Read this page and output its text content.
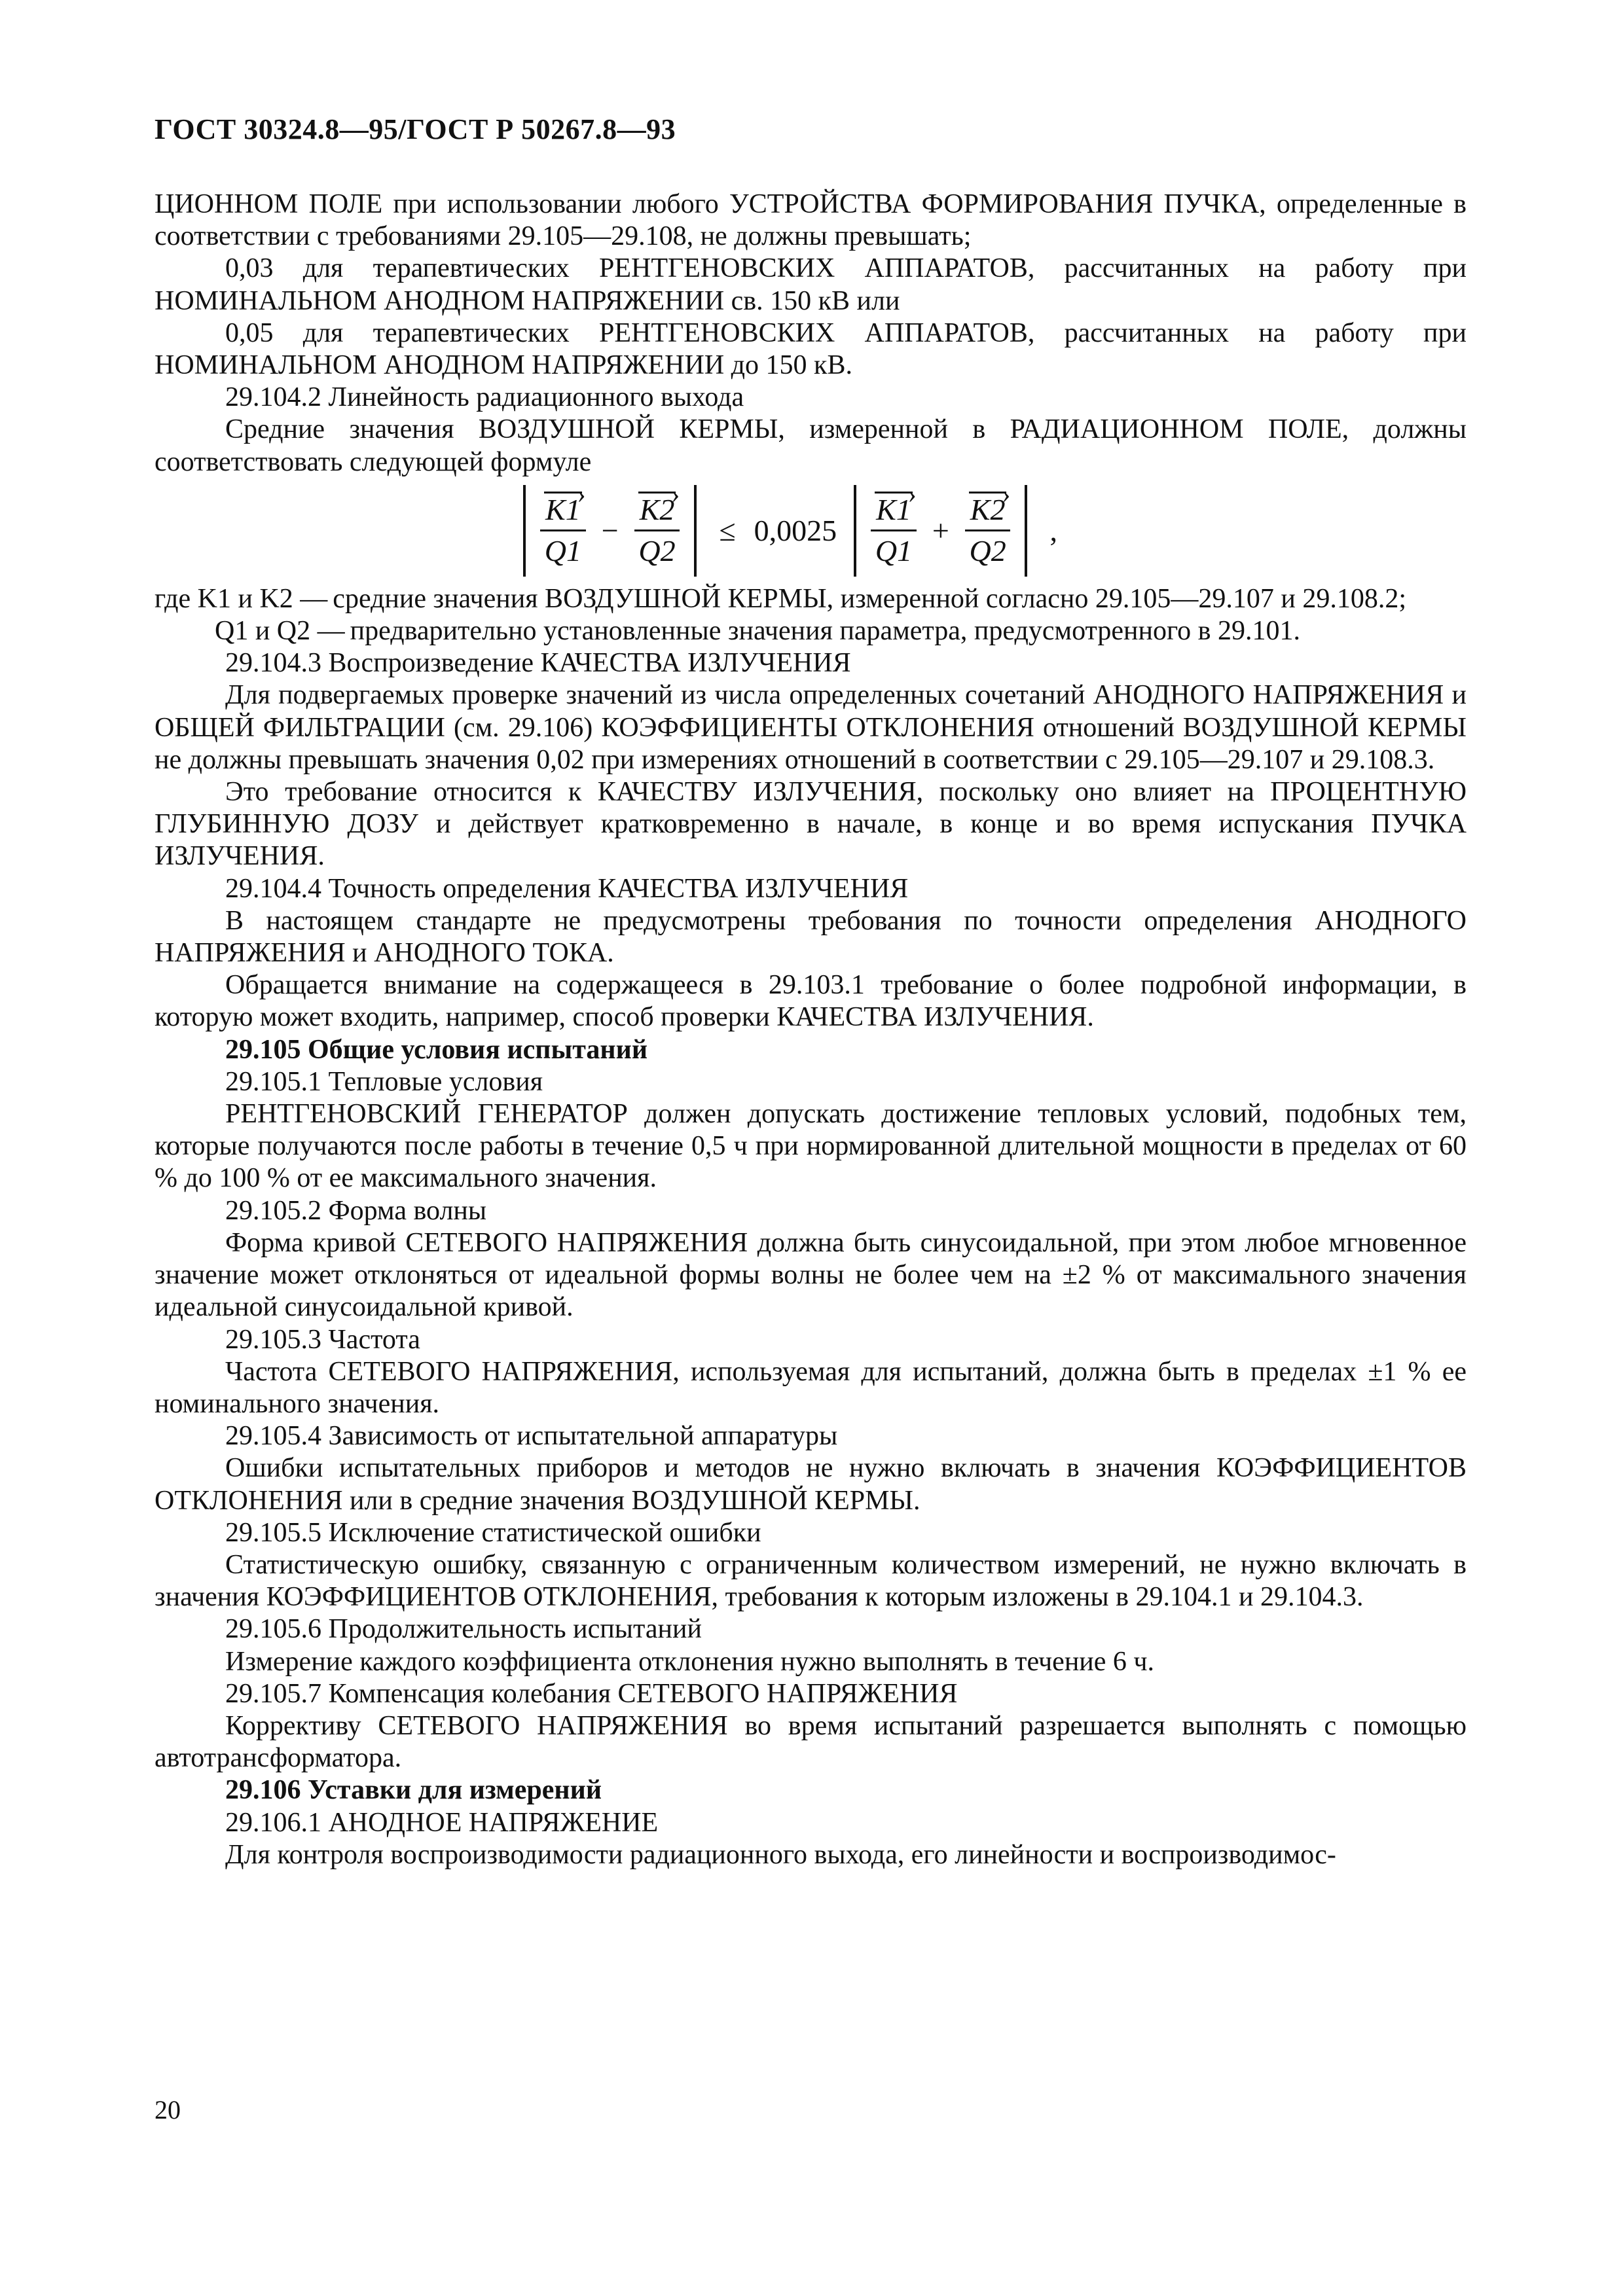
ГОСТ 30324.8—95/ГОСТ Р 50267.8—93

ЦИОННОМ ПОЛЕ при использовании любого УСТРОЙСТВА ФОРМИРОВАНИЯ ПУЧКА, определенные в соответствии с требованиями 29.105—29.108, не должны превышать;

0,03 для терапевтических РЕНТГЕНОВСКИХ АППАРАТОВ, рассчитанных на работу при НОМИНАЛЬНОМ АНОДНОМ НАПРЯЖЕНИИ св. 150 кВ или

0,05 для терапевтических РЕНТГЕНОВСКИХ АППАРАТОВ, рассчитанных на работу при НОМИНАЛЬНОМ АНОДНОМ НАПРЯЖЕНИИ до 150 кВ.

29.104.2 Линейность радиационного выхода

Средние значения ВОЗДУШНОЙ КЕРМЫ, измеренной в РАДИАЦИОННОМ ПОЛЕ, должны соответствовать следующей формуле

$\frac{K1 ›}{Q1} - \frac{K2 ›}{Q2} \le 0,0025 \frac{K1 ›}{Q1} + \frac{K2 ›}{Q2}$ ,
где K1 и K2 — средние значения ВОЗДУШНОЙ КЕРМЫ, измеренной согласно 29.105—29.107 и 29.108.2;
Q1 и Q2 — предварительно установленные значения параметра, предусмотренного в 29.101.

29.104.3 Воспроизведение КАЧЕСТВА ИЗЛУЧЕНИЯ

Для подвергаемых проверке значений из числа определенных сочетаний АНОДНОГО НАПРЯЖЕНИЯ и ОБЩЕЙ ФИЛЬТРАЦИИ (см. 29.106) КОЭФФИЦИЕНТЫ ОТКЛОНЕНИЯ отношений ВОЗДУШНОЙ КЕРМЫ не должны превышать значения 0,02 при измерениях отношений в соответствии с 29.105—29.107 и 29.108.3.

Это требование относится к КАЧЕСТВУ ИЗЛУЧЕНИЯ, поскольку оно влияет на ПРОЦЕНТНУЮ ГЛУБИННУЮ ДОЗУ и действует кратковременно в начале, в конце и во время испускания ПУЧКА ИЗЛУЧЕНИЯ.

29.104.4 Точность определения КАЧЕСТВА ИЗЛУЧЕНИЯ

В настоящем стандарте не предусмотрены требования по точности определения АНОДНОГО НАПРЯЖЕНИЯ и АНОДНОГО ТОКА.

Обращается внимание на содержащееся в 29.103.1 требование о более подробной информации, в которую может входить, например, способ проверки КАЧЕСТВА ИЗЛУЧЕНИЯ.

29.105 Общие условия испытаний

29.105.1 Тепловые условия

РЕНТГЕНОВСКИЙ ГЕНЕРАТОР должен допускать достижение тепловых условий, подобных тем, которые получаются после работы в течение 0,5 ч при нормированной длительной мощности в пределах от 60 % до 100 % от ее максимального значения.

29.105.2 Форма волны

Форма кривой СЕТЕВОГО НАПРЯЖЕНИЯ должна быть синусоидальной, при этом любое мгновенное значение может отклоняться от идеальной формы волны не более чем на ±2 % от максимального значения идеальной синусоидальной кривой.

29.105.3 Частота

Частота СЕТЕВОГО НАПРЯЖЕНИЯ, используемая для испытаний, должна быть в пределах ±1 % ее номинального значения.

29.105.4 Зависимость от испытательной аппаратуры

Ошибки испытательных приборов и методов не нужно включать в значения КОЭФФИЦИЕНТОВ ОТКЛОНЕНИЯ или в средние значения ВОЗДУШНОЙ КЕРМЫ.

29.105.5 Исключение статистической ошибки

Статистическую ошибку, связанную с ограниченным количеством измерений, не нужно включать в значения КОЭФФИЦИЕНТОВ ОТКЛОНЕНИЯ, требования к которым изложены в 29.104.1 и 29.104.3.

29.105.6 Продолжительность испытаний

Измерение каждого коэффициента отклонения нужно выполнять в течение 6 ч.

29.105.7 Компенсация колебания СЕТЕВОГО НАПРЯЖЕНИЯ

Коррективу СЕТЕВОГО НАПРЯЖЕНИЯ во время испытаний разрешается выполнять с помощью автотрансформатора.

29.106 Уставки для измерений

29.106.1 АНОДНОЕ НАПРЯЖЕНИЕ

Для контроля воспроизводимости радиационного выхода, его линейности и воспроизводимос-

20
